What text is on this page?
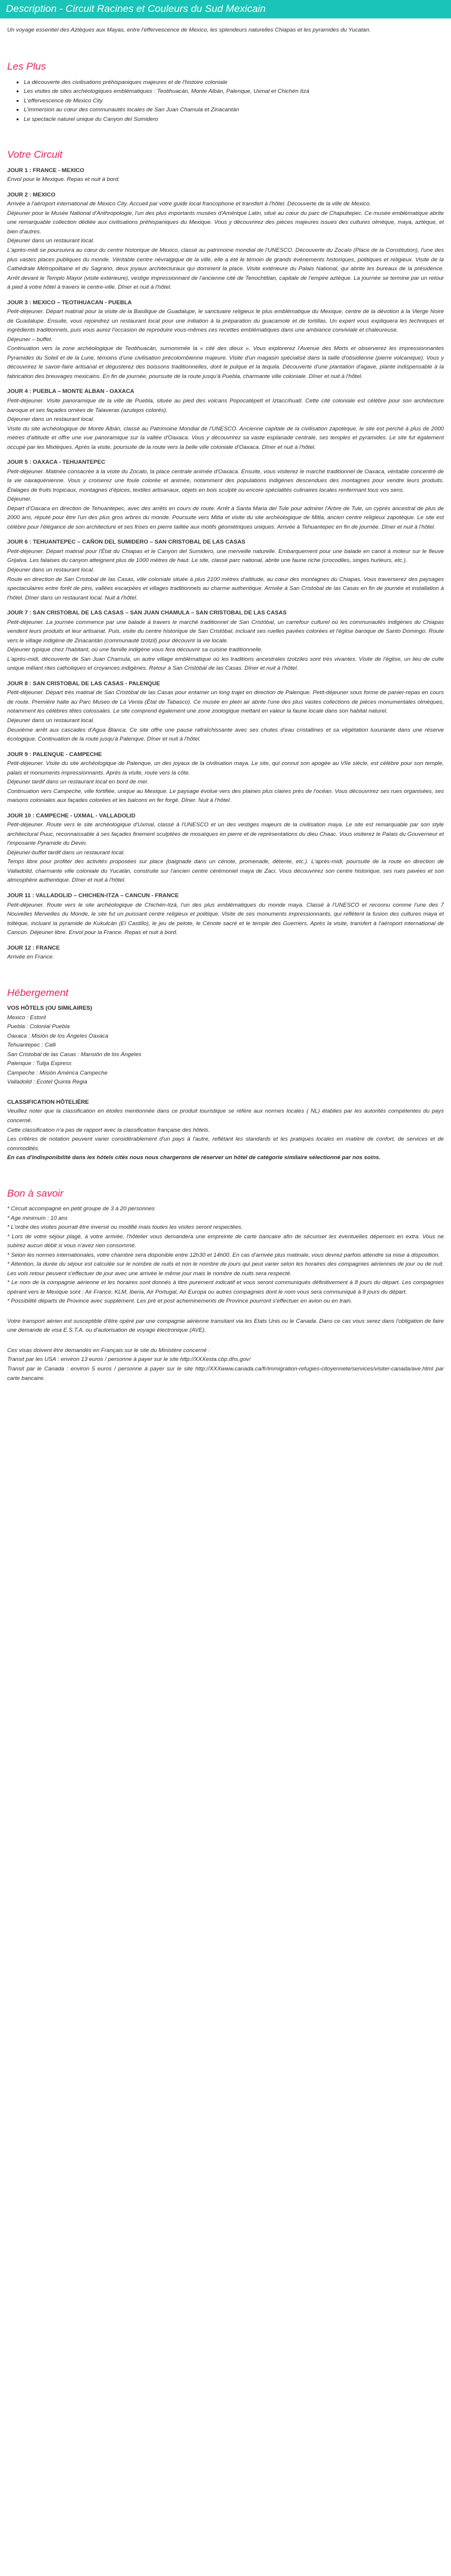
Description - Circuit Racines et Couleurs du Sud Mexicain

Un voyage essentiel des Aztèques aux Mayas, entre l'effervescence de Mexico, les splendeurs naturelles Chiapas et les pyramides du Yucatan.

Les Plus
▪ La découverte des civilisations préhispaniques majeures et de l'histoire coloniale
▪ Les visites de sites archéologiques emblématiques : Teotihuacán, Monte Albán, Palenque, Uxmal et Chichén Itzá
▪ L'effervescence de Mexico City
▪ L'immersion au cœur des communautés locales de San Juan Chamula et Zinacantán
▪ Le spectacle naturel unique du Canyon del Sumidero
Votre Circuit
JOUR 1 : FRANCE - MEXICO

Envol pour le Mexique. Repas et nuit à bord.

JOUR 2 : MEXICO

Arrivée à l'aéroport international de Mexico City. Accueil par votre guide local francophone et transfert à l'hôtel. Découverte de la ville de Mexico.

Déjeuner pour le Musée National d'Anthropologie, l'un des plus importants musées d'Amérique Latin, situé au cœur du parc de Chapultepec. Ce musée emblématique abrite une remarquable collection dédiée aux civilisations préhispaniques du Mexique. Vous y découvrirez des pièces majeures issues des cultures olmèque, maya, aztèque, et bien d'autres.

Déjeuner dans un restaurant local.

L'après-midi se poursuivra au cœur du centre historique de Mexico, classé au patrimoine mondial de l'UNESCO. Découverte du Zocalo (Place de la Constitution), l'une des plus vastes places publiques du monde. Véritable centre névralgique de la ville, elle a été le témoin de grands événements historiques, politiques et religieux. Visite de la Cathédrale Métropolitaine et du Sagrario, deux joyaux architecturaux qui dominent la place. Visite extérieure du Palais National, qui abrite les bureaux de la présidence. Arrêt devant le Templo Mayor (visite extérieure), vestige impressionnant de l'ancienne cité de Tenochtitlan, capitale de l'empire aztèque. La journée se termine par un retour à pied à votre hôtel à travers le centre-ville. Dîner et nuit à l'hôtel.

JOUR 3 : MEXICO – TEOTIHUACAN - PUEBLA

Petit-déjeuner. Départ matinal pour la visite de la Basilique de Guadalupe, le sanctuaire religieux le plus emblématique du Mexique, centre de la dévotion à la Vierge Noire de Guadalupe. Ensuite, vous rejoindrez un restaurant local pour une initiation à la préparation du guacamole et de tortillas. Un expert vous expliquera les techniques et ingrédients traditionnels, puis vous aurez l'occasion de reproduire vous-mêmes ces recettes emblématiques dans une ambiance conviviale et chaleureuse.

Déjeuner – buffet.

Continuation vers la zone archéologique de Teotihuacán, surnommée la « cité des dieux ». Vous explorerez l'Avenue des Morts et observerez les impressionnantes Pyramides du Soleil et de la Lune, témoins d'une civilisation précolombienne majeure. Visite d'un magasin spécialisé dans la taille d'obsidienne (pierre volcanique). Vous y découvrirez le savoir-faire artisanal et dégusterez des boissons traditionnelles, dont le pulque et la tequila. Découverte d'une plantation d'agave, plante indispensable à la fabrication des breuvages mexicains. En fin de journée, poursuite de la route jusqu'à Puebla, charmante ville coloniale. Dîner et nuit à l'hôtel.

JOUR 4 : PUEBLA – MONTE ALBAN - OAXACA

Petit-déjeuner. Visite panoramique de la ville de Puebla, située au pied des volcans Popocatépetl et Iztaccíhuatl. Cette cité coloniale est célèbre pour son architecture baroque et ses façades ornées de Talaveras (azulejos colorés).

Déjeuner dans un restaurant local.

Visite du site archéologique de Monte Albán, classé au Patrimoine Mondial de l'UNESCO. Ancienne capitale de la civilisation zapotèque, le site est perché à plus de 2000 mètres d'altitude et offre une vue panoramique sur la vallée d'Oaxaca. Vous y découvrirez sa vaste esplanade centrale, ses temples et pyramides. Le site fut également occupé par les Mixtèques. Après la visite, poursuite de la route vers la belle ville coloniale d'Oaxaca. Dîner et nuit à l'hôtel.

JOUR 5 : OAXACA - TEHUANTEPEC

Petit-déjeuner. Matinée consacrée à la visite du Zocalo, la place centrale animée d'Oaxaca. Ensuite, vous visiterez le marché traditionnel de Oaxaca, véritable concentré de la vie oaxaquénienne. Vous y croiserez une foule colorée et animée, notamment des populations indigènes descendues des montagnes pour vendre leurs produits. Étalages de fruits tropicaux, montagnes d'épices, textiles artisanaux, objets en bois sculpté ou encore spécialités culinaires locales renfermant tous vos sens.

Déjeuner.

Départ d'Oaxaca en direction de Tehuantepec, avec des arrêts en cours de route. Arrêt à Santa Maria del Tule pour admirer l'Arbre de Tule, un cyprès ancestral de plus de 2000 ans, réputé pour être l'un des plus gros arbres du monde. Poursuite vers Mitla et visite du site archéologique de Mitla, ancien centre religieux zapotèque. Le site est célèbre pour l'élégance de son architecture et ses frises en pierre taillée aux motifs géométriques uniques. Arrivée à Tehuantepec en fin de journée. Dîner et nuit à l'hôtel.

JOUR 6 : TEHUANTEPEC – CAÑON DEL SUMIDERO – SAN CRISTOBAL DE LAS CASAS

Petit-déjeuner. Départ matinal pour l'État du Chiapas et le Canyon del Sumidero, une merveille naturelle. Embarquement pour une balade en canot à moteur sur le fleuve Grijalva. Les falaises du canyon atteignent plus de 1000 mètres de haut. Le site, classé parc national, abrite une faune riche (crocodiles, singes hurleurs, etc.).

Déjeuner dans un restaurant local.

Route en direction de San Cristobal de las Casas, ville coloniale située à plus 2100 mètres d'altitude, au cœur des montagnes du Chiapas. Vous traverserez des paysages spectaculaires entre forêt de pins, vallées escarpées et villages traditionnels au charme authentique. Arrivée à San Cristobal de las Casas en fin de journée et installation à l'hôtel. Dîner dans un restaurant local. Nuit à l'hôtel.

JOUR 7 : SAN CRISTOBAL DE LAS CASAS – SAN JUAN CHAMULA – SAN CRISTOBAL DE LAS CASAS

Petit-déjeuner. La journée commence par une balade à travers le marché traditionnel de San Cristóbal, un carrefour culturel où les communautés indigènes du Chiapas vendent leurs produits et leur artisanat. Puis, visite du centre historique de San Cristóbal, incluant ses ruelles pavées colorées et l'église baroque de Santo Domingo. Route vers le village indigène de Zinacantán (communauté tzotzil) pour découvrir la vie locale.

Déjeuner typique chez l'habitant, où une famille indigène vous fera découvrir sa cuisine traditionnelle.

L'après-midi, découverte de San Juan Chamula, un autre village emblématique où les traditions ancestrales tzotziles sont très vivantes. Visite de l'église, un lieu de culte unique mêlant rites catholiques et croyances indigènes. Retour à San Cristóbal de las Casas. Dîner et nuit à l'hôtel.

JOUR 8 : SAN CRISTOBAL DE LAS CASAS - PALENQUE

Petit-déjeuner. Départ très matinal de San Cristóbal de las Casas pour entamer un long trajet en direction de Palenque. Petit-déjeuner sous forme de panier-repas en cours de route. Première halte au Parc Museo de La Venta (État de Tabasco). Ce musée en plein air abrite l'une des plus vastes collections de pièces monumentales olmèques, notamment les célèbres têtes colossales. Le site comprend également une zone zoologique mettant en valeur la faune locale dans son habitat naturel.

Déjeuner dans un restaurant local.

Deuxième arrêt aux cascades d'Agua Blanca. Ce site offre une pause rafraîchissante avec ses chutes d'eau cristallines et sa végétation luxuriante dans une réserve écologique. Continuation de la route jusqu'à Palenque. Dîner et nuit à l'hôtel.

JOUR 9 : PALENQUE - CAMPECHE

Petit-déjeuner. Visite du site archéologique de Palenque, un des joyaux de la civilisation maya. Le site, qui connut son apogée au VIIe siècle, est célèbre pour son temple, palais et monuments impressionnants. Après la visite, route vers la côte.

Déjeuner tardif dans un restaurant local en bord de mer.

Continuation vers Campeche, ville fortifiée, unique au Mexique. Le paysage évolue vers des plaines plus claires près de l'océan. Vous découvrirez ses rues organisées, ses maisons coloniales aux façades colorées et les balcons en fer forgé. Dîner. Nuit à l'hôtel.

JOUR 10 : CAMPECHE - UXMAL - VALLADOLID

Petit-déjeuner. Route vers le site archéologique d'Uxmal, classé à l'UNESCO et un des vestiges majeurs de la civilisation maya. Le site est remarquable par son style architectural Puuc, reconnaissable à ses façades finement sculptées de mosaïques en pierre et de représentations du dieu Chaac. Vous visiterez le Palais du Gouverneur et l'imposante Pyramide du Devin.

Déjeuner-buffet tardif dans un restaurant local.

Temps libre pour profiter des activités proposées sur place (baignade dans un cénote, promenade, détente, etc.). L'après-midi, poursuite de la route en direction de Valladolid, charmante ville coloniale du Yucatán, construite sur l'ancien centre cérémoniel maya de Zaci. Vous découvrirez son centre historique, ses rues pavées et son atmosphère authentique. Dîner et nuit à l'hôtel.

JOUR 11 : VALLADOLID – CHICHEN-ITZA – CANCUN - FRANCE

Petit-déjeuner. Route vers le site archéologique de Chichén-Itzá, l'un des plus emblématiques du monde maya. Classé à l'UNESCO et reconnu comme l'une des 7 Nouvelles Merveilles du Monde, le site fut un puissant centre religieux et politique. Visite de ses monuments impressionnants, qui reflètent la fusion des cultures maya et toltèque, incluant la pyramide de Kukulcán (El Castillo), le jeu de pelote, le Cénote sacré et le temple des Guerriers. Après la visite, transfert à l'aéroport international de Cancún. Déjeuner libre. Envol pour la France. Repas et nuit à bord.

JOUR 12 : FRANCE

Arrivée en France.

Hébergement
VOS HÔTELS (OU SIMILAIRES)
Mexico : Estoril
Puebla : Colonial Puebla
Oaxaca : Misión de los Ángeles Oaxaca
Tehuantepec : Calli
San Cristobal de las Casas : Mansión de los Ángeles
Palenque : Tulija Express
Campeche : Misión América Campeche
Valladolid : Ecotel Quinta Regia
CLASSIFICATION HÔTELIÈRE

Veuillez noter que la classification en étoiles mentionnée dans ce produit touristique se réfère aux normes locales ( NL) établies par les autorités compétentes du pays concerné.

Cette classification n'a pas de rapport avec la classification française des hôtels.

Les critères de notation peuvent varier considérablement d'un pays à l'autre, reflétant les standards et les pratiques locales en matière de confort, de services et de commodités.

En cas d'indisponibilité dans les hôtels cités nous nous chargerons de réserver un hôtel de catégorie similaire sélectionné par nos soins.

Bon à savoir

* Circuit accompagné en petit groupe de 3 à 20 personnes

* Age minimum : 10 ans

* L'ordre des visites pourrait être inversé ou modifié mais toutes les visites seront respectées.

* Lors de votre séjour plagé, à votre arrivée, l'hôtelier vous demandera une empreinte de carte bancaire afin de sécuriser les éventuelles dépenses en extra. Vous ne subirez aucun débit si vous n'avez rien consommé.

* Selon les normes internationales, votre chambre sera disponible entre 12h30 et 14h00. En cas d'arrivée plus matinale, vous devrez parfois attendre sa mise à disposition.

* Attention, la durée du séjour est calculée sur le nombre de nuits et non le nombre de jours qui peut varier selon les horaires des compagnies aériennes de jour ou de nuit. Les vols retour peuvent s'effectuer de jour avec une arrivée le même jour mais le nombre de nuits sera respecté.

* Le nom de la compagnie aérienne et les horaires sont donnés à titre purement indicatif et vous seront communiqués définitivement à 8 jours du départ. Les compagnies opérant vers le Mexique sont : Air France, KLM, Iberia, Air Portugal, Air Europa ou autres compagnies dont le nom vous sera communiqué à 8 jours du départ.

* Possibilité départs de Province avec supplément. Les pré et post acheminements de Province pourront s'effectuer en avion ou en train.

Votre transport aérien est susceptible d'être opéré par une compagnie aérienne transitant via les Etats Unis ou le Canada. Dans ce cas vous serez dans l'obligation de faire une demande de visa E.S.T.A. ou d'autorisation de voyage électronique (AVE).

Ces visas doivent être demandés en Français sur le site du Ministère concerné :

Transit par les USA : environ 13 euros / personne à payer sur le site http://XXXesta.cbp.dhs.gov/

Transit par le Canada : environ 5 euros / personne à payer sur le site http://XXXwww.canada.ca/fr/immigration-refugies-citoyennete/services/visiter-canada/ave.html par carte bancaire.
